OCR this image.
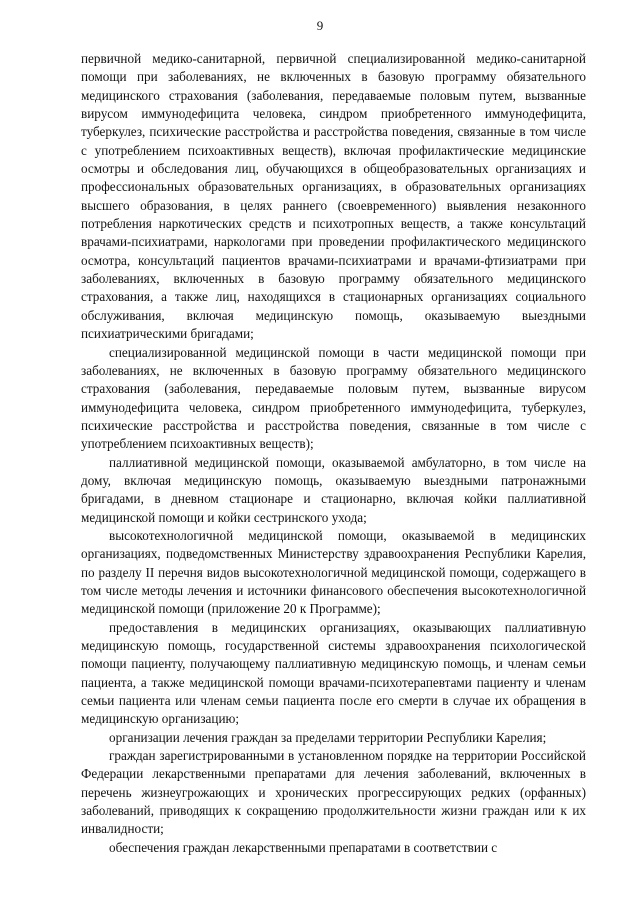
9

первичной медико-санитарной, первичной специализированной медико-санитарной помощи при заболеваниях, не включенных в базовую программу обязательного медицинского страхования (заболевания, передаваемые половым путем, вызванные вирусом иммунодефицита человека, синдром приобретенного иммунодефицита, туберкулез, психические расстройства и расстройства поведения, связанные в том числе с употреблением психоактивных веществ), включая профилактические медицинские осмотры и обследования лиц, обучающихся в общеобразовательных организациях и профессиональных образовательных организациях, в образовательных организациях высшего образования, в целях раннего (своевременного) выявления незаконного потребления наркотических средств и психотропных веществ, а также консультаций врачами-психиатрами, наркологами при проведении профилактического медицинского осмотра, консультаций пациентов врачами-психиатрами и врачами-фтизиатрами при заболеваниях, включенных в базовую программу обязательного медицинского страхования, а также лиц, находящихся в стационарных организациях социального обслуживания, включая медицинскую помощь, оказываемую выездными психиатрическими бригадами;

специализированной медицинской помощи в части медицинской помощи при заболеваниях, не включенных в базовую программу обязательного медицинского страхования (заболевания, передаваемые половым путем, вызванные вирусом иммунодефицита человека, синдром приобретенного иммунодефицита, туберкулез, психические расстройства и расстройства поведения, связанные в том числе с употреблением психоактивных веществ);

паллиативной медицинской помощи, оказываемой амбулаторно, в том числе на дому, включая медицинскую помощь, оказываемую выездными патронажными бригадами, в дневном стационаре и стационарно, включая койки паллиативной медицинской помощи и койки сестринского ухода;

высокотехнологичной медицинской помощи, оказываемой в медицинских организациях, подведомственных Министерству здравоохранения Республики Карелия, по разделу II перечня видов высокотехнологичной медицинской помощи, содержащего в том числе методы лечения и источники финансового обеспечения высокотехнологичной медицинской помощи (приложение 20 к Программе);

предоставления в медицинских организациях, оказывающих паллиативную медицинскую помощь, государственной системы здравоохранения психологической помощи пациенту, получающему паллиативную медицинскую помощь, и членам семьи пациента, а также медицинской помощи врачами-психотерапевтами пациенту и членам семьи пациента или членам семьи пациента после его смерти в случае их обращения в медицинскую организацию;

организации лечения граждан за пределами территории Республики Карелия;

граждан зарегистрированными в установленном порядке на территории Российской Федерации лекарственными препаратами для лечения заболеваний, включенных в перечень жизнеугрожающих и хронических прогрессирующих редких (орфанных) заболеваний, приводящих к сокращению продолжительности жизни граждан или к их инвалидности;

обеспечения граждан лекарственными препаратами в соответствии с
